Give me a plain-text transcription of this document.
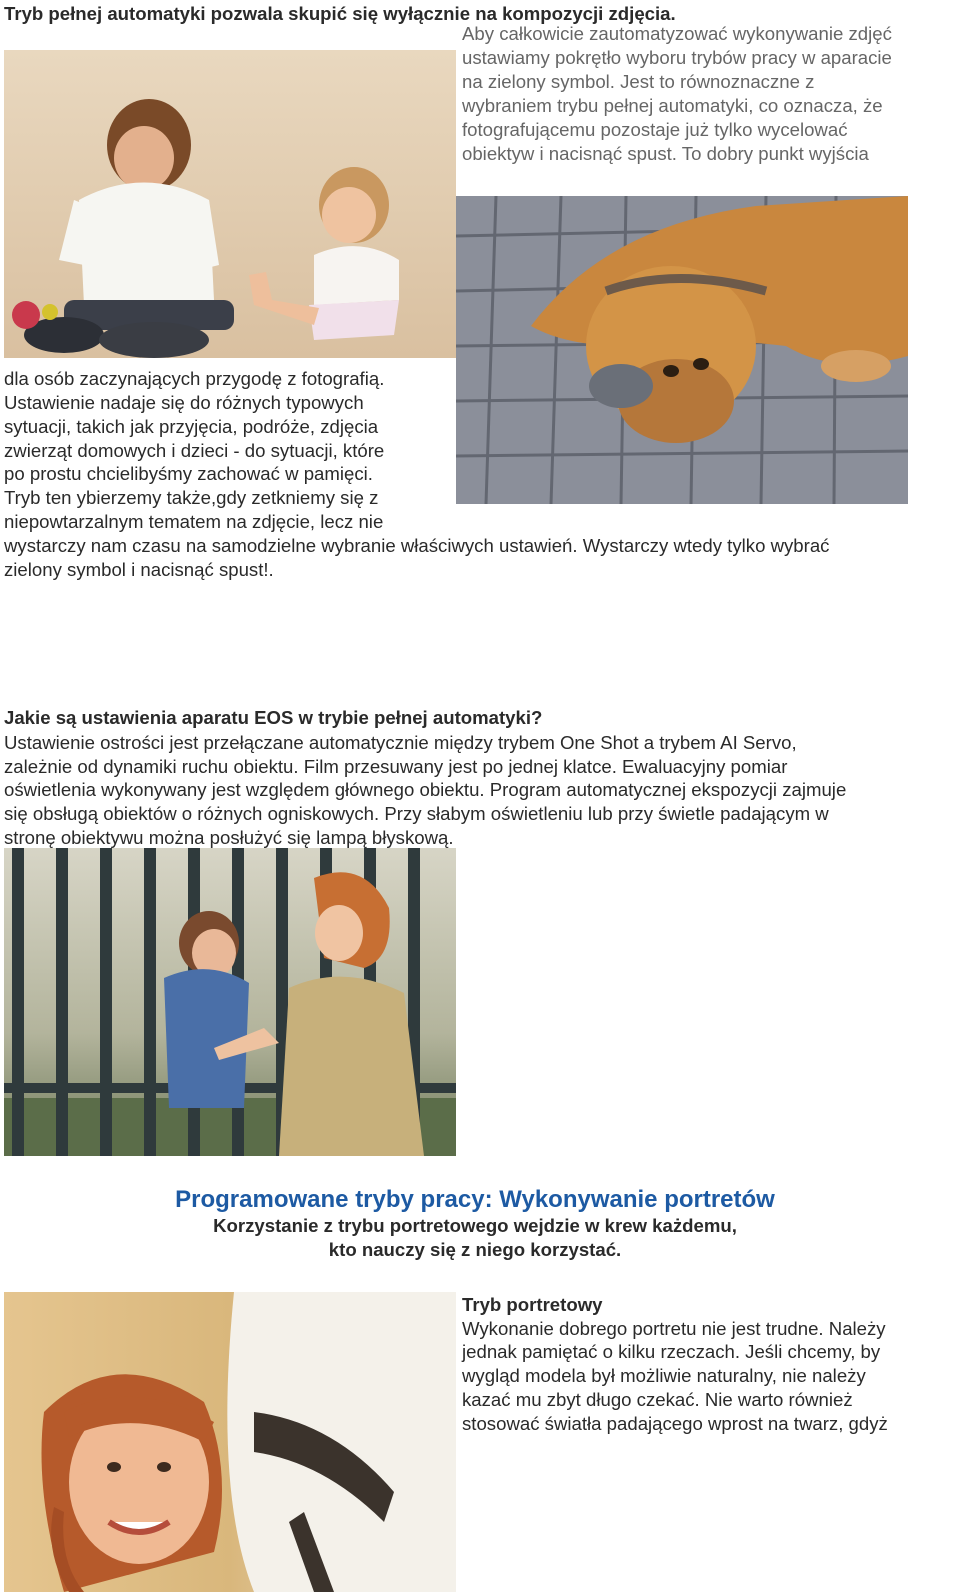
Tryb pełnej automatyki pozwala skupić się wyłącznie na kompozycji zdjęcia.
Aby całkowicie zautomatyzować wykonywanie zdjęć
ustawiamy pokrętło wyboru trybów pracy w aparacie
na zielony symbol. Jest to równoznaczne z
wybraniem trybu pełnej automatyki, co oznacza, że
fotografującemu pozostaje już tylko wycelować
obiektyw i nacisnąć spust. To dobry punkt wyjścia
dla osób zaczynających przygodę z fotografią.
Ustawienie nadaje się do różnych typowych
sytuacji, takich jak przyjęcia, podróże, zdjęcia
zwierząt domowych i dzieci - do sytuacji, które
po prostu chcielibyśmy zachować w pamięci.
Tryb ten ybierzemy także,gdy zetkniemy się z
niepowtarzalnym tematem na zdjęcie, lecz nie
wystarczy nam czasu na samodzielne wybranie właściwych ustawień. Wystarczy wtedy tylko wybrać
zielony symbol i nacisnąć spust!.
Jakie są ustawienia aparatu EOS w trybie pełnej automatyki?
Ustawienie ostrości jest przełączane automatycznie między trybem One Shot a trybem AI Servo,
zależnie od dynamiki ruchu obiektu. Film przesuwany jest po jednej klatce. Ewaluacyjny pomiar
oświetlenia wykonywany jest względem głównego obiektu. Program automatycznej ekspozycji zajmuje
się obsługą obiektów o różnych ogniskowych. Przy słabym oświetleniu lub przy świetle padającym w
stronę obiektywu można posłużyć się lampą błyskową.
Programowane tryby pracy: Wykonywanie portretów
Korzystanie z trybu portretowego wejdzie w krew każdemu,
kto nauczy się z niego korzystać.
Tryb portretowy
Wykonanie dobrego portretu nie jest trudne. Należy
jednak pamiętać o kilku rzeczach. Jeśli chcemy, by
wygląd modela był możliwie naturalny, nie należy
kazać mu zbyt długo czekać. Nie warto również
stosować światła padającego wprost na twarz, gdyż
